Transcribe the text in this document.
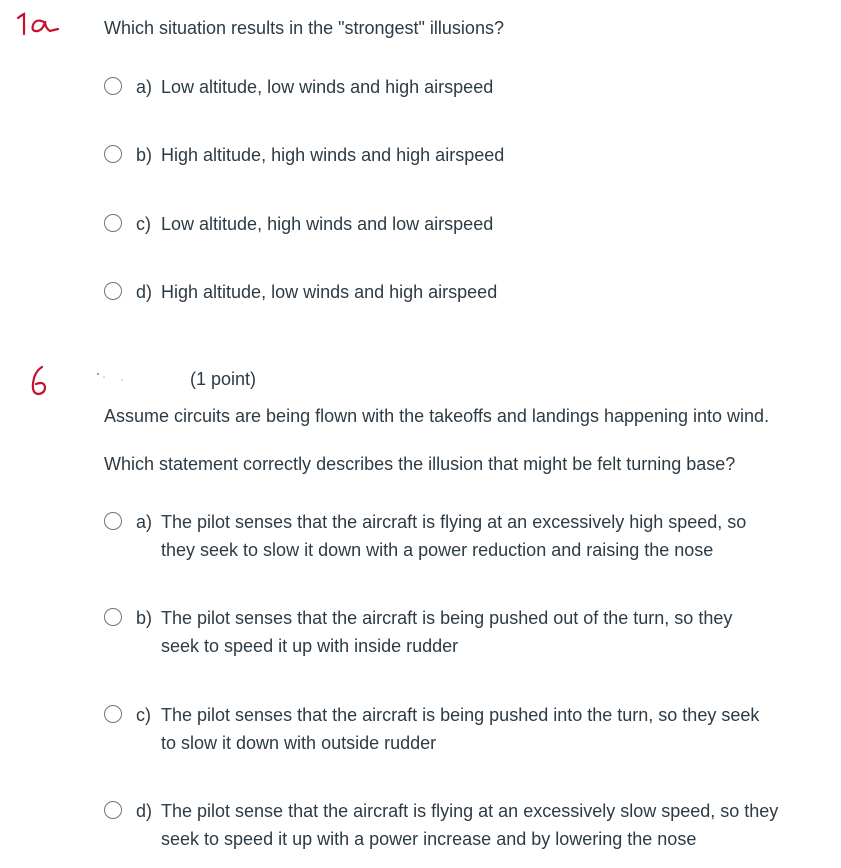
Which situation results in the "strongest" illusions?

a) Low altitude, low winds and high airspeed
b) High altitude, high winds and high airspeed
c) Low altitude, high winds and low airspeed
d) High altitude, low winds and high airspeed
(1 point)

Assume circuits are being flown with the takeoffs and landings happening into wind.

Which statement correctly describes the illusion that might be felt turning base?

a) The pilot senses that the aircraft is flying at an excessively high speed, so
they seek to slow it down with a power reduction and raising the nose
b) The pilot senses that the aircraft is being pushed out of the turn, so they
seek to speed it up with inside rudder
c) The pilot senses that the aircraft is being pushed into the turn, so they seek
to slow it down with outside rudder
d) The pilot sense that the aircraft is flying at an excessively slow speed, so they
seek to speed it up with a power increase and by lowering the nose
